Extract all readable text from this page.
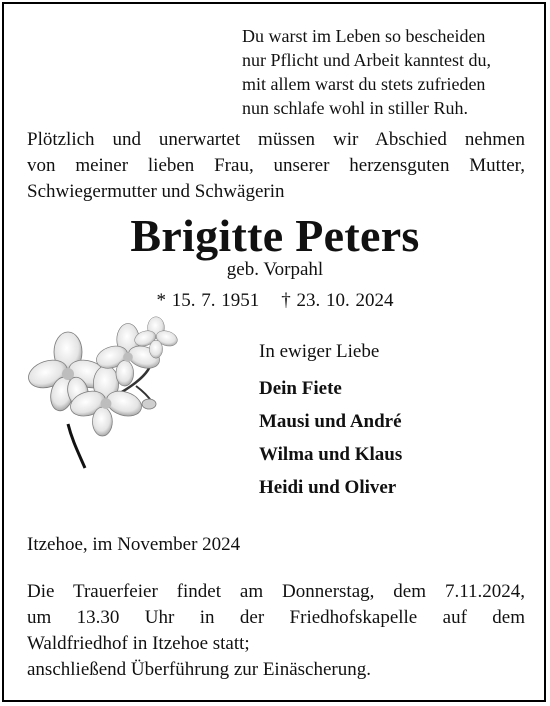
Du warst im Leben so bescheiden
nur Pflicht und Arbeit kanntest du,
mit allem warst du stets zufrieden
nun schlafe wohl in stiller Ruh.
Plötzlich und unerwartet müssen wir Abschied nehmen
von meiner lieben Frau, unserer herzensguten Mutter,
Schwiegermutter und Schwägerin
Brigitte Peters
geb. Vorpahl
* 15. 7. 1951 † 23. 10. 2024
In ewiger Liebe
Dein Fiete
Mausi und André
Wilma und Klaus
Heidi und Oliver
Itzehoe, im November 2024
Die Trauerfeier findet am Donnerstag, dem 7.11.2024,
um 13.30 Uhr in der Friedhofskapelle auf dem
Waldfriedhof in Itzehoe statt;
anschließend Überführung zur Einäscherung.
